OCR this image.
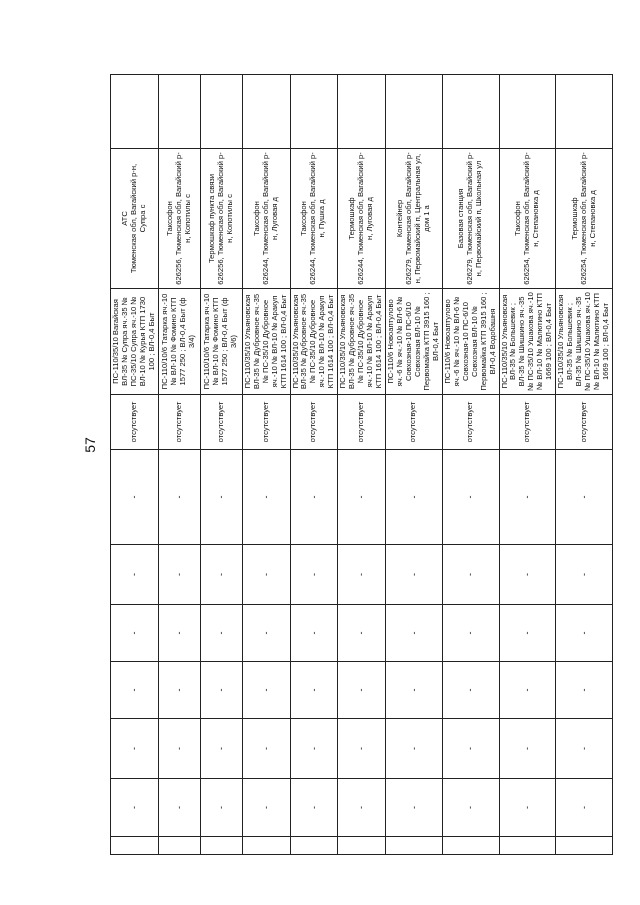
57
	-	-	-	-	-	-	отсутствует	ПС-110/35/10 Вагайская ВЛ-35 № Супра яч.-35 № ПС-35/10 Супра яч.-10 № ВЛ-10 № Курья КТП 1730 100 ; ВЛ-0,4 Быт	АТС
Тюменская обл, Вагайский р-н, Супра с	
	-	-	-	-	-	-	отсутствует	ПС-110/10/6 Татарка яч.-10 № ВЛ-10 № Фомино КТП 1577 250 ; ВЛ-0,4 Быт (ф 3/4)	Таксофон
626256, Тюменская обл, Вагайский р-н, Копотилы с	
	-	-	-	-	-	-	отсутствует	ПС-110/10/6 Татарка яч.-10 № ВЛ-10 № Фомино КТП 1577 250 ; ВЛ-0,4 Быт (ф 3/6)	Термошкаф пункта связи
626256, Тюменская обл, Вагайский р-н, Копотилы с	
	-	-	-	-	-	-	отсутствует	ПС-110/35/10 Ульяновская ВЛ-35 № Дубровное яч.-35 № ПС-35/10 Дубровное яч.-10 № ВЛ-10 № Аракуп КТП 1614 100 ; ВЛ-0,4 Быт	Таксофон
626244, Тюменская обл, Вагайский р-н, Луговая д	
	-	-	-	-	-	-	отсутствует	ПС-110/35/10 Ульяновская ВЛ-35 № Дубровное яч.-35 № ПС-35/10 Дубровное яч.-10 № ВЛ-10 № Аракуп КТП 1614 100 ; ВЛ-0,4 Быт	Таксофон
626244, Тюменская обл, Вагайский р-н, Пушка д	
	-	-	-	-	-	-	отсутствует	ПС-110/35/10 Ульяновская ВЛ-35 № Дубровное яч.-35 № ПС-35/10 Дубровное яч.-10 № ВЛ-10 № Аракуп КТП 1614 100 ; ВЛ-0,4 Быт	Термошкаф
626244, Тюменская обл, Вагайский р-н, Луговая д	
	-	-	-	-	-	-	отсутствует	ПС-110/6 Новоаптулово яч.-6 № яч.-10 № ВЛ-6 № Совхозная-10 ПС-6/10 Совхозная ВЛ-10 № Первомайка КТП 3915 160 ; ВЛ-0,4 Быт	Контейнер
626279, Тюменская обл, Вагайский р-н, Первомайский п, Центральная ул, дом 1 а	
	-	-	-	-	-	-	отсутствует	ПС-110/6 Новоаптулово яч.-6 № яч.-10 № ВЛ-6 № Совхозная-10 ПС-6/10 Совхозная ВЛ-10 № Первомайка КТП 3915 160 ; ВЛ-0,4 Водобашня	Базовая станция
626279, Тюменская обл, Вагайский р-н, Первомайский п, Школьная ул	
	-	-	-	-	-	-	отсутствует	ПС-110/35/10 Ульяновская ВЛ-35 № Большевик ; ВЛ-35 № Шишкино яч.-35 № ПС-35/10 Ушакова яч.-10 № ВЛ-10 № Малютино КТП 1669 100 ; ВЛ-0,4 Быт	Таксофон
626254, Тюменская обл, Вагайский р-н, Степановка д	
	-	-	-	-	-	-	отсутствует	ПС-110/35/10 Ульяновская ВЛ-35 № Большевик ; ВЛ-35 № Шишкино яч.-35 № ПС-35/10 Ушакова яч.-10 № ВЛ-10 № Малютино КТП 1669 100 ; ВЛ-0,4 Быт	Термошкаф
626254, Тюменская обл, Вагайский р-н, Степановка д	
